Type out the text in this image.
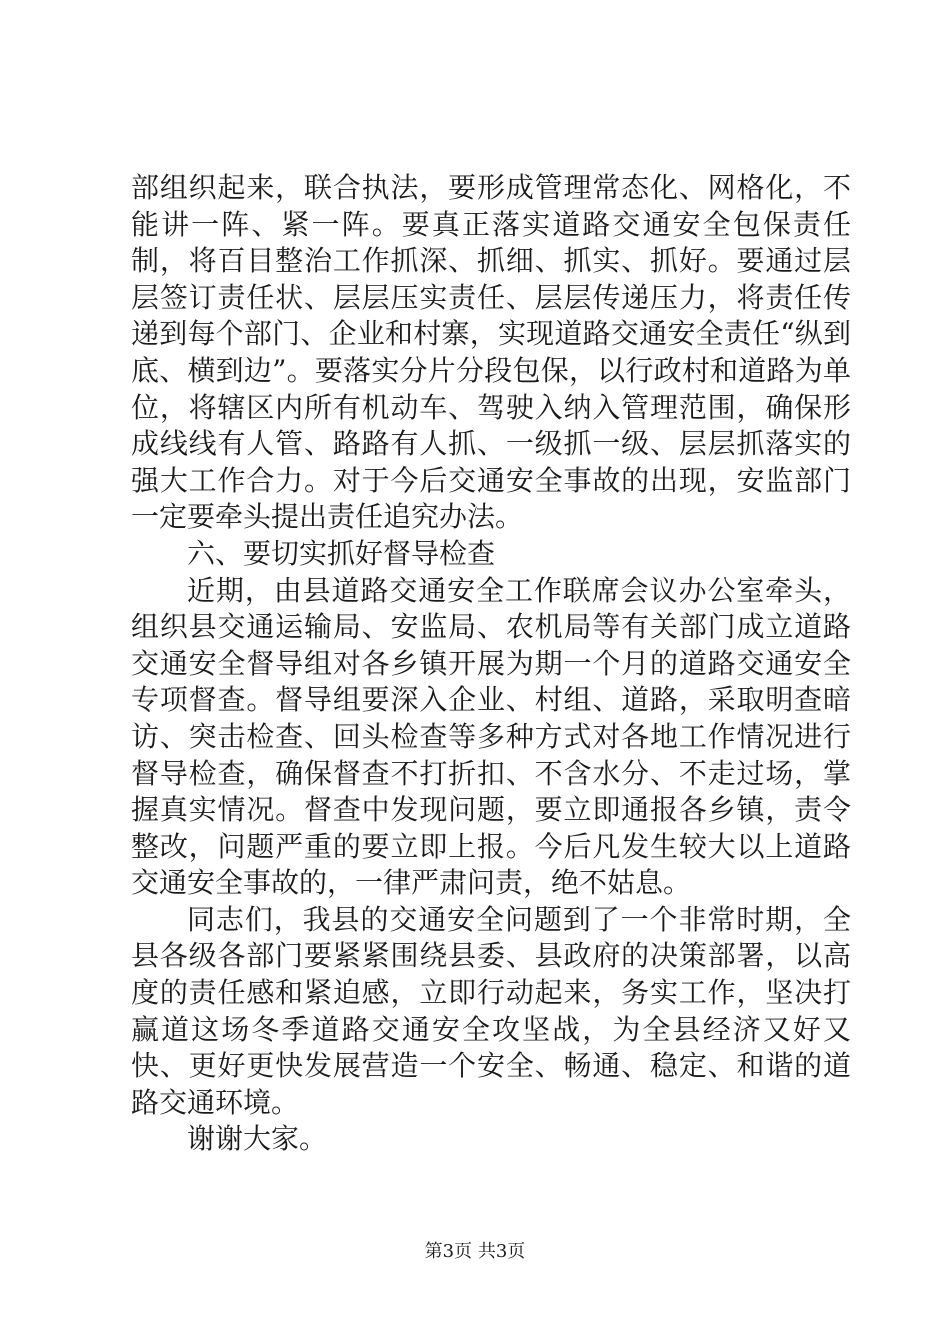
部组织起来，联合执法，要形成管理常态化、网格化，不能讲一阵、紧一阵。要真正落实道路交通安全包保责任制，将百目整治工作抓深、抓细、抓实、抓好。要通过层层签订责任状、层层压实责任、层层传递压力，将责任传递到每个部门、企业和村寨，实现道路交通安全责任“纵到底、横到边”。要落实分片分段包保，以行政村和道路为单位，将辖区内所有机动车、驾驶入纳入管理范围，确保形成线线有人管、路路有人抓、一级抓一级、层层抓落实的强大工作合力。对于今后交通安全事故的出现，安监部门一定要牵头提出责任追究办法。

六、要切实抓好督导检查

近期，由县道路交通安全工作联席会议办公室牵头，组织县交通运输局、安监局、农机局等有关部门成立道路交通安全督导组对各乡镇开展为期一个月的道路交通安全专项督查。督导组要深入企业、村组、道路，采取明查暗访、突击检查、回头检查等多种方式对各地工作情况进行督导检查，确保督查不打折扣、不含水分、不走过场，掌握真实情况。督查中发现问题，要立即通报各乡镇，责令整改，问题严重的要立即上报。今后凡发生较大以上道路交通安全事故的，一律严肃问责，绝不姑息。

同志们，我县的交通安全问题到了一个非常时期，全县各级各部门要紧紧围绕县委、县政府的决策部署，以高度的责任感和紧迫感，立即行动起来，务实工作，坚决打赢道这场冬季道路交通安全攻坚战，为全县经济又好又快、更好更快发展营造一个安全、畅通、稳定、和谐的道路交通环境。

谢谢大家。

第3页 共3页
